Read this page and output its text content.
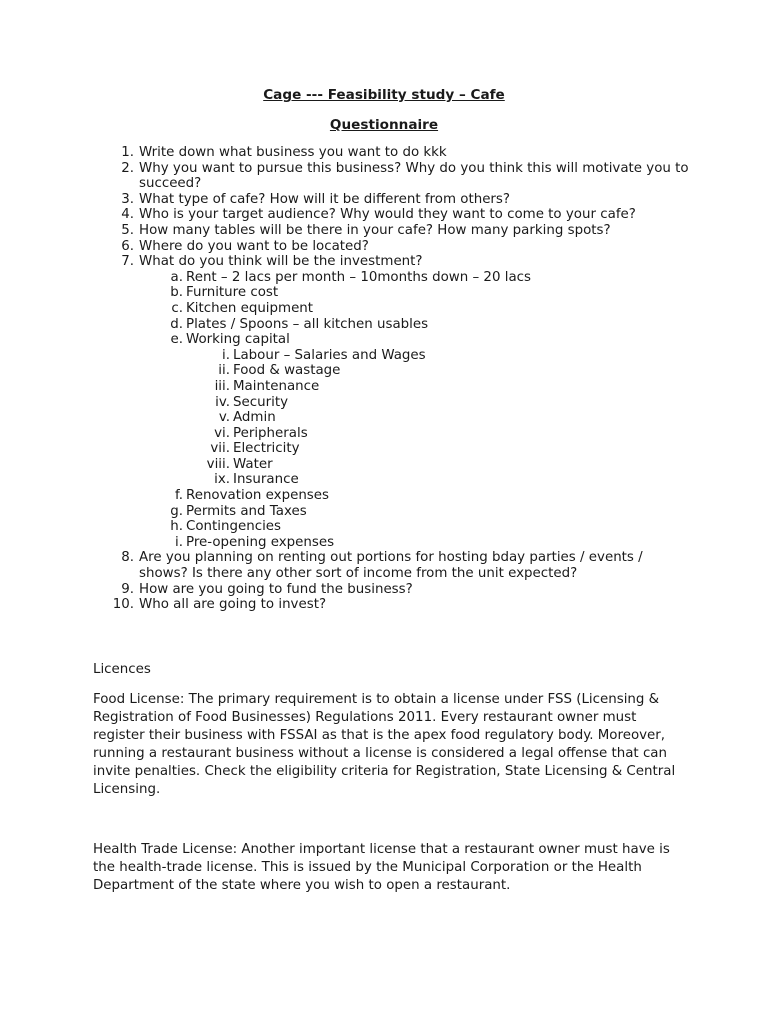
Cage --- Feasibility study – Cafe
Questionnaire
1. Write down what business you want to do kkk
2. Why you want to pursue this business? Why do you think this will motivate you to succeed?
3. What type of cafe? How will it be different from others?
4. Who is your target audience? Why would they want to come to your cafe?
5. How many tables will be there in your cafe? How many parking spots?
6. Where do you want to be located?
7. What do you think will be the investment?
a. Rent – 2 lacs per month – 10months down – 20 lacs
b. Furniture cost
c. Kitchen equipment
d. Plates / Spoons – all kitchen usables
e. Working capital
i. Labour – Salaries and Wages
ii. Food & wastage
iii. Maintenance
iv. Security
v. Admin
vi. Peripherals
vii. Electricity
viii. Water
ix. Insurance
f. Renovation expenses
g. Permits and Taxes
h. Contingencies
i. Pre-opening expenses
8. Are you planning on renting out portions for hosting bday parties / events / shows? Is there any other sort of income from the unit expected?
9. How are you going to fund the business?
10. Who all are going to invest?
Licences

Food License: The primary requirement is to obtain a license under FSS (Licensing & Registration of Food Businesses) Regulations 2011. Every restaurant owner must register their business with FSSAI as that is the apex food regulatory body. Moreover, running a restaurant business without a license is considered a legal offense that can invite penalties. Check the eligibility criteria for Registration, State Licensing & Central Licensing.

Health Trade License: Another important license that a restaurant owner must have is the health-trade license. This is issued by the Municipal Corporation or the Health Department of the state where you wish to open a restaurant.
